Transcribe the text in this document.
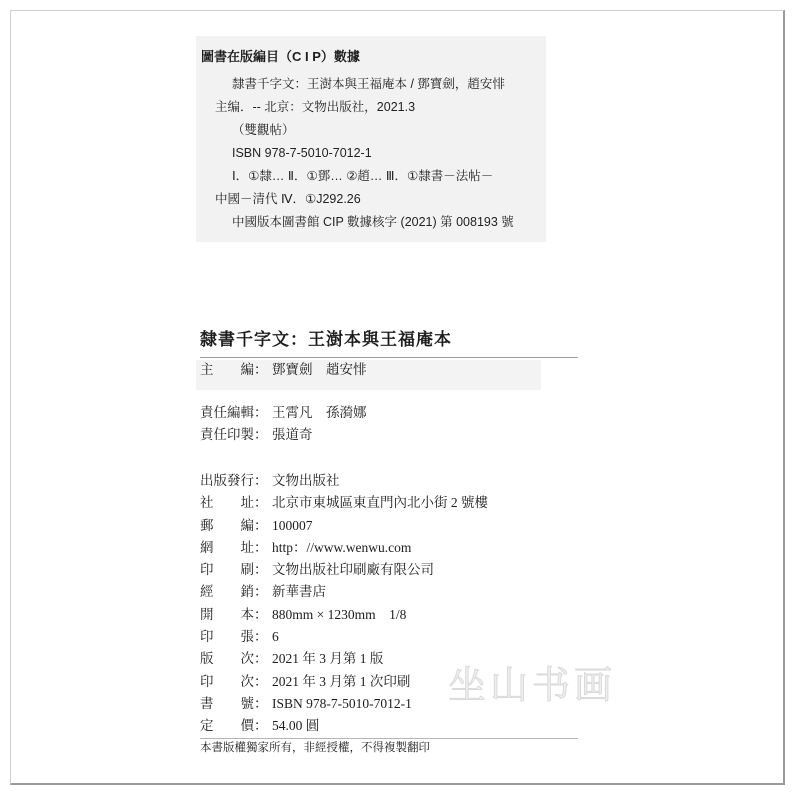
圖書在版編目（C I P）數據
隸書千字文：王澍本與王福庵本 / 鄧寶劍，趙安悱
主编．-- 北京：文物出版社，2021.3
（雙觀帖）
ISBN 978-7-5010-7012-1
Ⅰ．①隸… Ⅱ．①鄧… ②趙… Ⅲ．①隸書－法帖－
中國－清代 Ⅳ．①J292.26
中國版本圖書館 CIP 數據核字 (2021) 第 008193 號
隸書千字文：王澍本與王福庵本
主　　編： 鄧寶劍　趙安悱
責任編輯： 王霄凡　孫漪娜
責任印製： 張道奇
出版發行： 文物出版社
社　　址： 北京市東城區東直門內北小街 2 號樓
郵　　編： 100007
網　　址： http：//www.wenwu.com
印　　刷： 文物出版社印刷廠有限公司
經　　銷： 新華書店
開　　本： 880mm × 1230mm　1/8
印　　張： 6
版　　次： 2021 年 3 月第 1 版
印　　次： 2021 年 3 月第 1 次印刷
書　　號： ISBN 978-7-5010-7012-1
定　　價： 54.00 圓
坐山书画
本書版權獨家所有，非經授權，不得複製翻印
